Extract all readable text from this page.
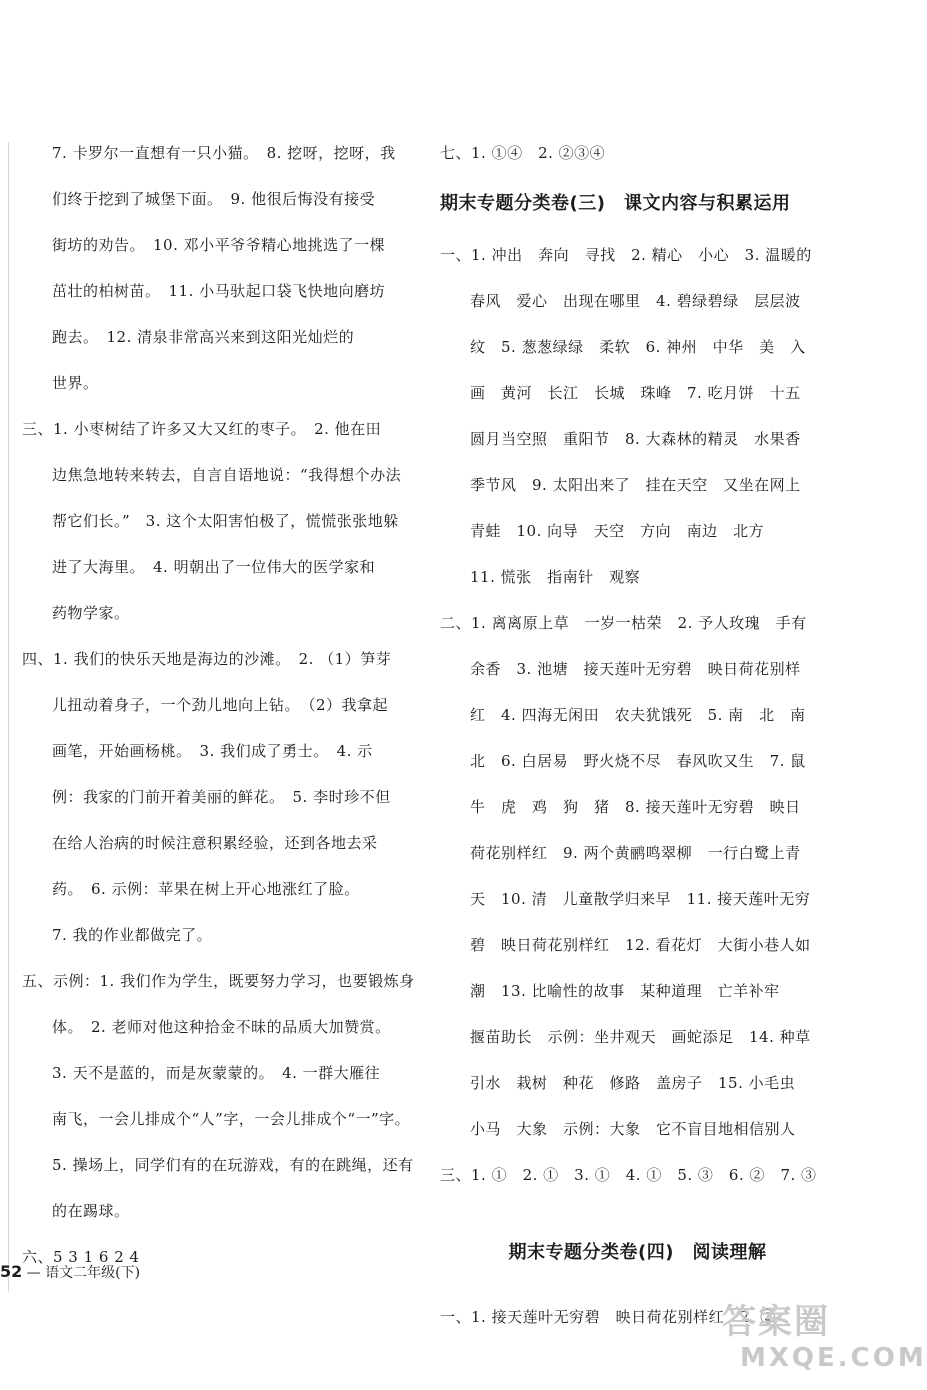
7. 卡罗尔一直想有一只小猫。　8. 挖呀，挖呀，我
们终于挖到了城堡下面。　9. 他很后悔没有接受
街坊的劝告。　10. 邓小平爷爷精心地挑选了一棵
茁壮的柏树苗。　11. 小马驮起口袋飞快地向磨坊
跑去。　12. 清泉非常高兴来到这阳光灿烂的
世界。
三、1. 小枣树结了许多又大又红的枣子。　2. 他在田
边焦急地转来转去，自言自语地说：“我得想个办法
帮它们长。”　3. 这个太阳害怕极了，慌慌张张地躲
进了大海里。　4. 明朝出了一位伟大的医学家和
药物学家。
四、1. 我们的快乐天地是海边的沙滩。　2. （1）笋芽
儿扭动着身子，一个劲儿地向上钻。　（2）我拿起
画笔，开始画杨桃。　3. 我们成了勇士。　4. 示
例：我家的门前开着美丽的鲜花。　5. 李时珍不但
在给人治病的时候注意积累经验，还到各地去采
药。　6. 示例：苹果在树上开心地涨红了脸。
7. 我的作业都做完了。
五、示例：1. 我们作为学生，既要努力学习，也要锻炼身
体。　2. 老师对他这种拾金不昧的品质大加赞赏。
3. 天不是蓝的，而是灰蒙蒙的。　4. 一群大雁往
南飞，一会儿排成个“人”字，一会儿排成个“一”字。
5. 操场上，同学们有的在玩游戏，有的在跳绳，还有
的在踢球。
六、5 3 1 6 2 4
七、1. ①④　2. ②③④
期末专题分类卷(三)　课文内容与积累运用
一、1. 冲出　奔向　寻找　2. 精心　小心　3. 温暖的
春风　爱心　出现在哪里　4. 碧绿碧绿　层层波
纹　5. 葱葱绿绿　柔软　6. 神州　中华　美　入
画　黄河　长江　长城　珠峰　7. 吃月饼　十五
圆月当空照　重阳节　8. 大森林的精灵　水果香
季节风　9. 太阳出来了　挂在天空　又坐在网上
青蛙　10. 向导　天空　方向　南边　北方
11. 慌张　指南针　观察
二、1. 离离原上草　一岁一枯荣　2. 予人玫瑰　手有
余香　3. 池塘　接天莲叶无穷碧　映日荷花别样
红　4. 四海无闲田　农夫犹饿死　5. 南　北　南
北　6. 白居易　野火烧不尽　春风吹又生　7. 鼠
牛　虎　鸡　狗　猪　8. 接天莲叶无穷碧　映日
荷花别样红　9. 两个黄鹂鸣翠柳　一行白鹭上青
天　10. 清　儿童散学归来早　11. 接天莲叶无穷
碧　映日荷花别样红　12. 看花灯　大街小巷人如
潮　13. 比喻性的故事　某种道理　亡羊补牢
揠苗助长　示例：坐井观天　画蛇添足　14. 种草
引水　栽树　种花　修路　盖房子　15. 小毛虫
小马　大象　示例：大象　它不盲目地相信别人
三、1. ①　2. ①　3. ①　4. ①　5. ③　6. ②　7. ③
期末专题分类卷(四)　阅读理解
一、1. 接天莲叶无穷碧　映日荷花别样红　2. ②
52 — 语文二年级(下)
答案圈
MXQE.COM
